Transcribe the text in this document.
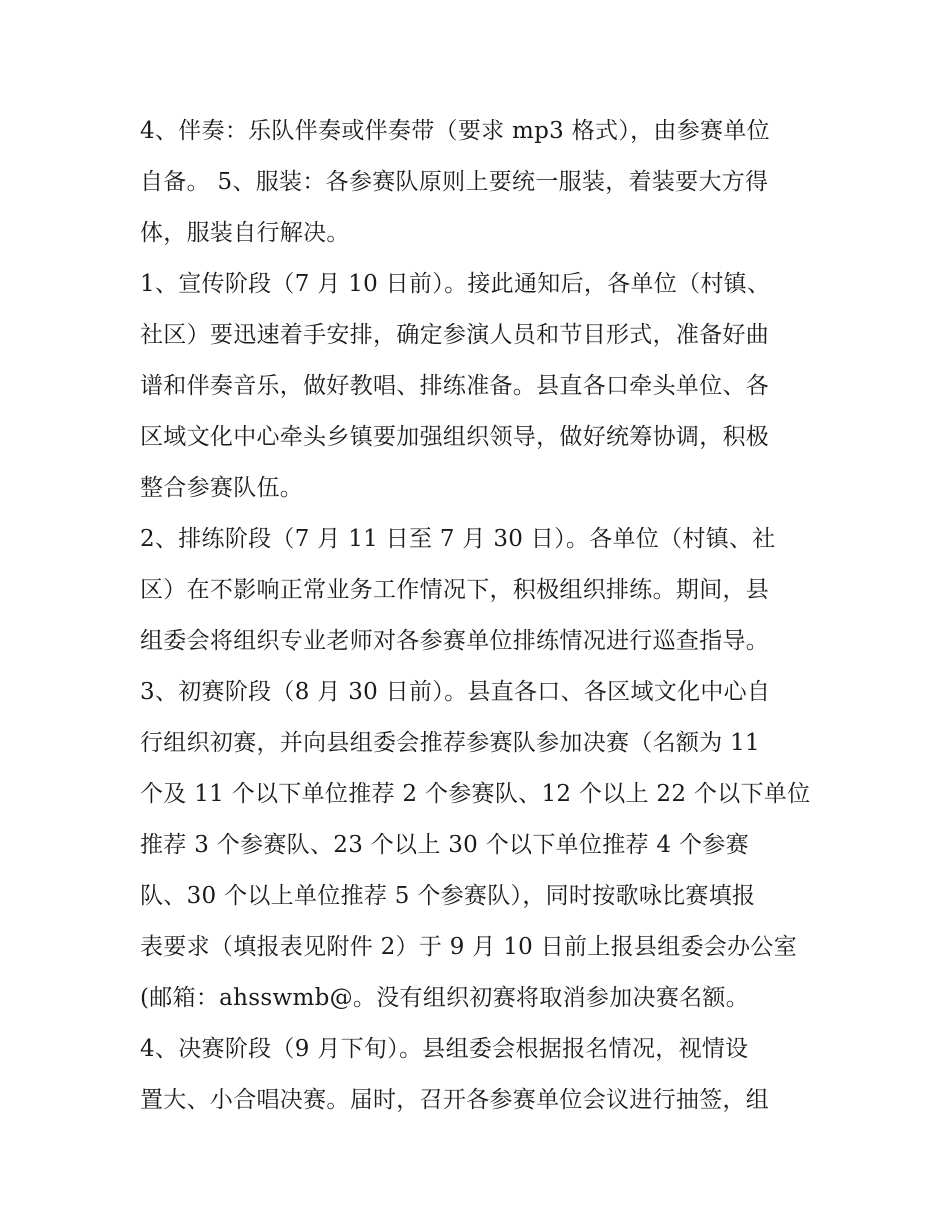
4、伴奏：乐队伴奏或伴奏带（要求 mp3 格式），由参赛单位
自备。 5、服装：各参赛队原则上要统一服装，着装要大方得
体，服装自行解决。
1、宣传阶段（7 月 10 日前）。接此通知后，各单位（村镇、
社区）要迅速着手安排，确定参演人员和节目形式，准备好曲
谱和伴奏音乐，做好教唱、排练准备。县直各口牵头单位、各
区域文化中心牵头乡镇要加强组织领导，做好统筹协调，积极
整合参赛队伍。
2、排练阶段（7 月 11 日至 7 月 30 日）。各单位（村镇、社
区）在不影响正常业务工作情况下，积极组织排练。期间，县
组委会将组织专业老师对各参赛单位排练情况进行巡查指导。
3、初赛阶段（8 月 30 日前）。县直各口、各区域文化中心自
行组织初赛，并向县组委会推荐参赛队参加决赛（名额为 11
个及 11 个以下单位推荐 2 个参赛队、12 个以上 22 个以下单位
推荐 3 个参赛队、23 个以上 30 个以下单位推荐 4 个参赛
队、30 个以上单位推荐 5 个参赛队），同时按歌咏比赛填报
表要求（填报表见附件 2）于 9 月 10 日前上报县组委会办公室
(邮箱：ahsswmb@。没有组织初赛将取消参加决赛名额。
4、决赛阶段（9 月下旬）。县组委会根据报名情况，视情设
置大、小合唱决赛。届时，召开各参赛单位会议进行抽签，组
